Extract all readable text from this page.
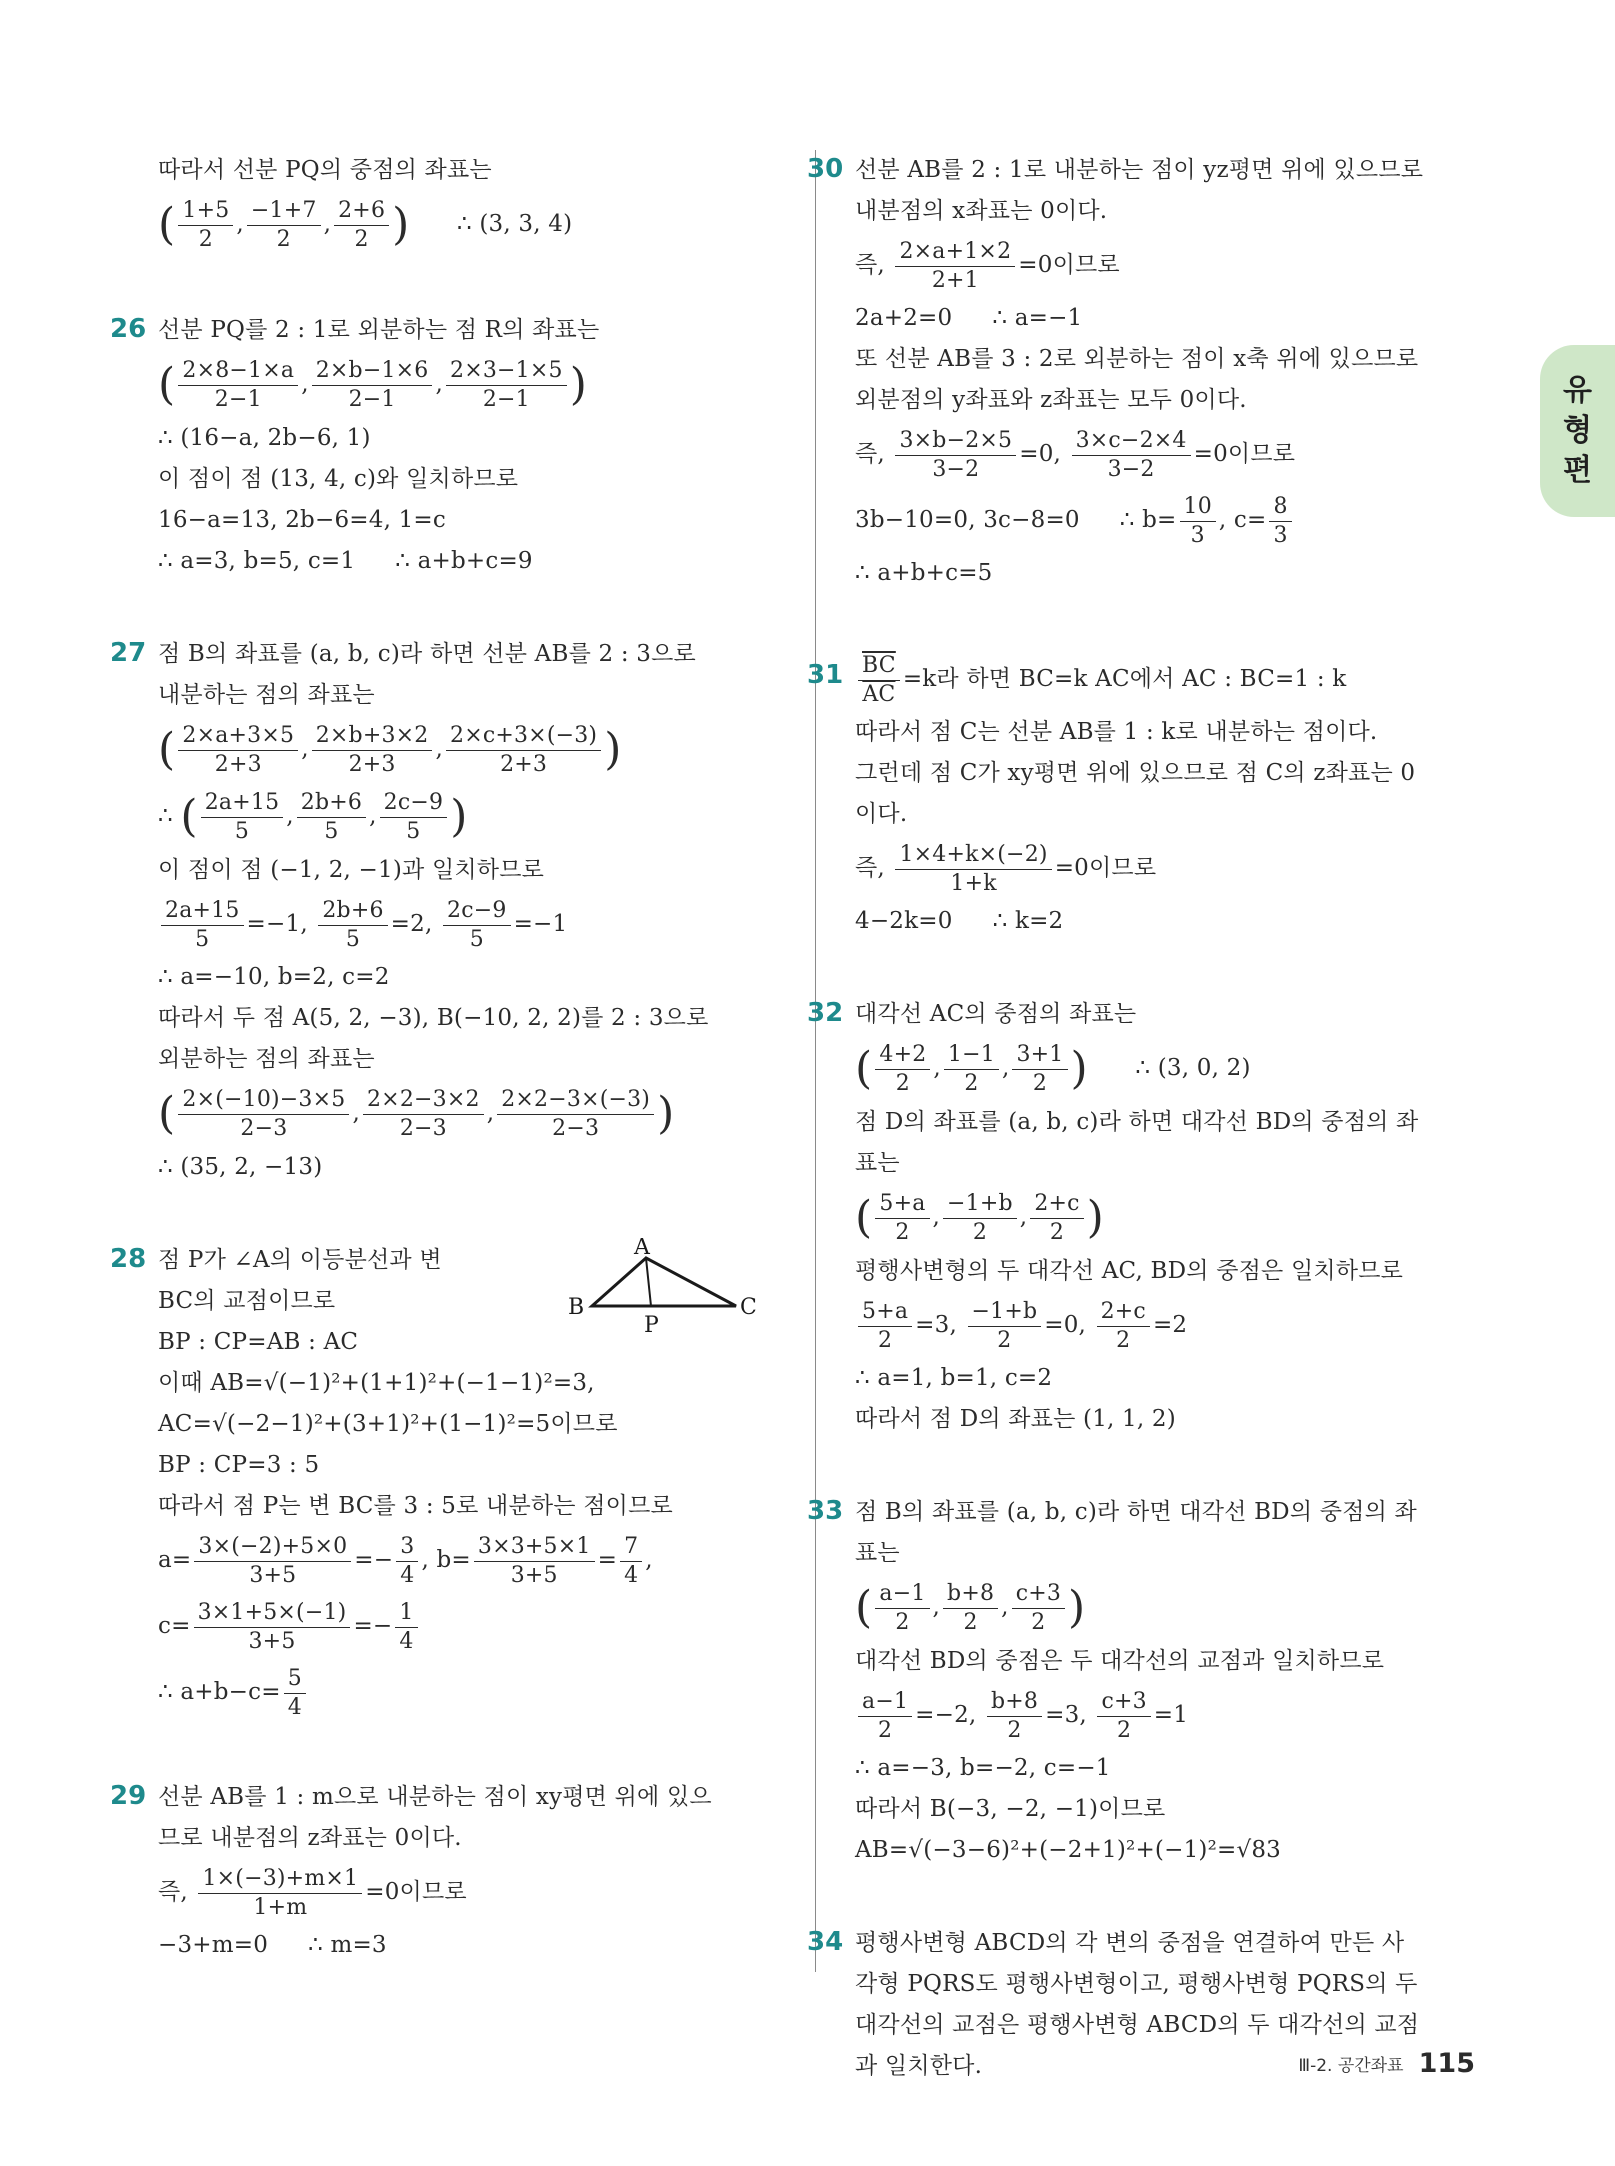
따라서 선분 PQ의 중점의 좌표는
( $\frac{1+5}{2}$ , $\frac{-1+7}{2}$ , $\frac{2+6}{2}$ ) ∴ (3, 3, 4)
26 선분 PQ를 2 : 1로 외분하는 점 R의 좌표는
( $\frac{2\times 8-1\times a}{2-1}$ , $\frac{2\times b-1\times 6}{2-1}$ , $\frac{2\times 3-1\times 5}{2-1}$ )
∴ (16−a, 2b−6, 1)
이 점이 점 (13, 4, c)와 일치하므로
16−a=13, 2b−6=4, 1=c
∴ a=3, b=5, c=1 ∴ a+b+c=9
27 점 B의 좌표를 (a, b, c)라 하면 선분 AB를 2 : 3으로
내분하는 점의 좌표는
( $\frac{2\times a+3\times 5}{2+3}$ , $\frac{2\times b+3\times 2}{2+3}$ , $\frac{2\times c+3\times(-3)}{2+3}$ )
∴ ( $\frac{2a+15}{5}$ , $\frac{2b+6}{5}$ , $\frac{2c-9}{5}$ )
이 점이 점 (−1, 2, −1)과 일치하므로
$\frac{2a+15}{5} =-1$, $\frac{2b+6}{5} =2$, $\frac{2c-9}{5} =-1$
∴ a=−10, b=2, c=2
따라서 두 점 A(5, 2, −3), B(−10, 2, 2)를 2 : 3으로
외분하는 점의 좌표는
( $\frac{2\times(-10)-3\times 5}{2-3}$ , $\frac{2\times 2-3\times 2}{2-3}$ , $\frac{2\times 2-3\times(-3)}{2-3}$ )
∴ (35, 2, −13)
28	A
B	C
P
점 P가 ∠A의 이등분선과 변
BC의 교점이므로
BP : CP=AB : AC
이때 AB=√(−1)²+(1+1)²+(−1−1)²=3,
AC=√(−2−1)²+(3+1)²+(1−1)²=5이므로
BP : CP=3 : 5
따라서 점 P는 변 BC를 3 : 5로 내분하는 점이므로
$a= \frac{3\times(-2)+5\times 0}{3+5} =- \frac{3}{4}$ , $b= \frac{3\times 3+5\times 1}{3+5} = \frac{7}{4}$ ,
$c= \frac{3\times 1+5\times(-1)}{3+5} =- \frac{1}{4}$
∴ $a+b-c= \frac{5}{4}$
29 선분 AB를 1 : m으로 내분하는 점이 xy평면 위에 있으
므로 내분점의 z좌표는 0이다.
즉, $\frac{1\times(-3)+m\times 1}{1+m} =0$이므로
−3+m=0 ∴ m=3
30 선분 AB를 2 : 1로 내분하는 점이 yz평면 위에 있으므로
내분점의 x좌표는 0이다.
즉, $\frac{2\times a+1\times 2}{2+1} =0$이므로
2a+2=0 ∴ a=−1
또 선분 AB를 3 : 2로 외분하는 점이 x축 위에 있으므로
외분점의 y좌표와 z좌표는 모두 0이다.
즉, $\frac{3\times b-2\times 5}{3-2} =0$, $\frac{3\times c-2\times 4}{3-2} =0$이므로
3b−10=0, 3c−8=0 ∴ $b= \frac{10}{3}$ , $c= \frac{8}{3}$
∴ a+b+c=5
$31 \frac{\overline{BC}}{AC} =k$라 하면 BC=k AC에서 AC : BC=1 : k
따라서 점 C는 선분 AB를 1 : k로 내분하는 점이다.
그런데 점 C가 xy평면 위에 있으므로 점 C의 z좌표는 0
이다.
즉, $\frac{1\times 4+k\times(-2)}{1+k} =0$이므로
4−2k=0 ∴ k=2
32 대각선 AC의 중점의 좌표는
( $\frac{4+2}{2}$ , $\frac{1-1}{2}$ , $\frac{3+1}{2}$ ) ∴ (3, 0, 2)
점 D의 좌표를 (a, b, c)라 하면 대각선 BD의 중점의 좌
표는
( $\frac{5+a}{2}$ , $\frac{-1+b}{2}$ , $\frac{2+c}{2}$ )
평행사변형의 두 대각선 AC, BD의 중점은 일치하므로
$\frac{5+a}{2} =3$, $\frac{-1+b}{2} =0$, $\frac{2+c}{2} =2$
∴ a=1, b=1, c=2
따라서 점 D의 좌표는 (1, 1, 2)
33 점 B의 좌표를 (a, b, c)라 하면 대각선 BD의 중점의 좌
표는
( $\frac{a-1}{2}$ , $\frac{b+8}{2}$ , $\frac{c+3}{2}$ )
대각선 BD의 중점은 두 대각선의 교점과 일치하므로
$\frac{a-1}{2} =-2$, $\frac{b+8}{2} =3$, $\frac{c+3}{2} =1$
∴ a=−3, b=−2, c=−1
따라서 B(−3, −2, −1)이므로
AB=√(−3−6)²+(−2+1)²+(−1)²=√83
34 평행사변형 ABCD의 각 변의 중점을 연결하여 만든 사
각형 PQRS도 평행사변형이고, 평행사변형 PQRS의 두
대각선의 교점은 평행사변형 ABCD의 두 대각선의 교점
과 일치한다.
유
형
편
Ⅲ-2. 공간좌표 115
